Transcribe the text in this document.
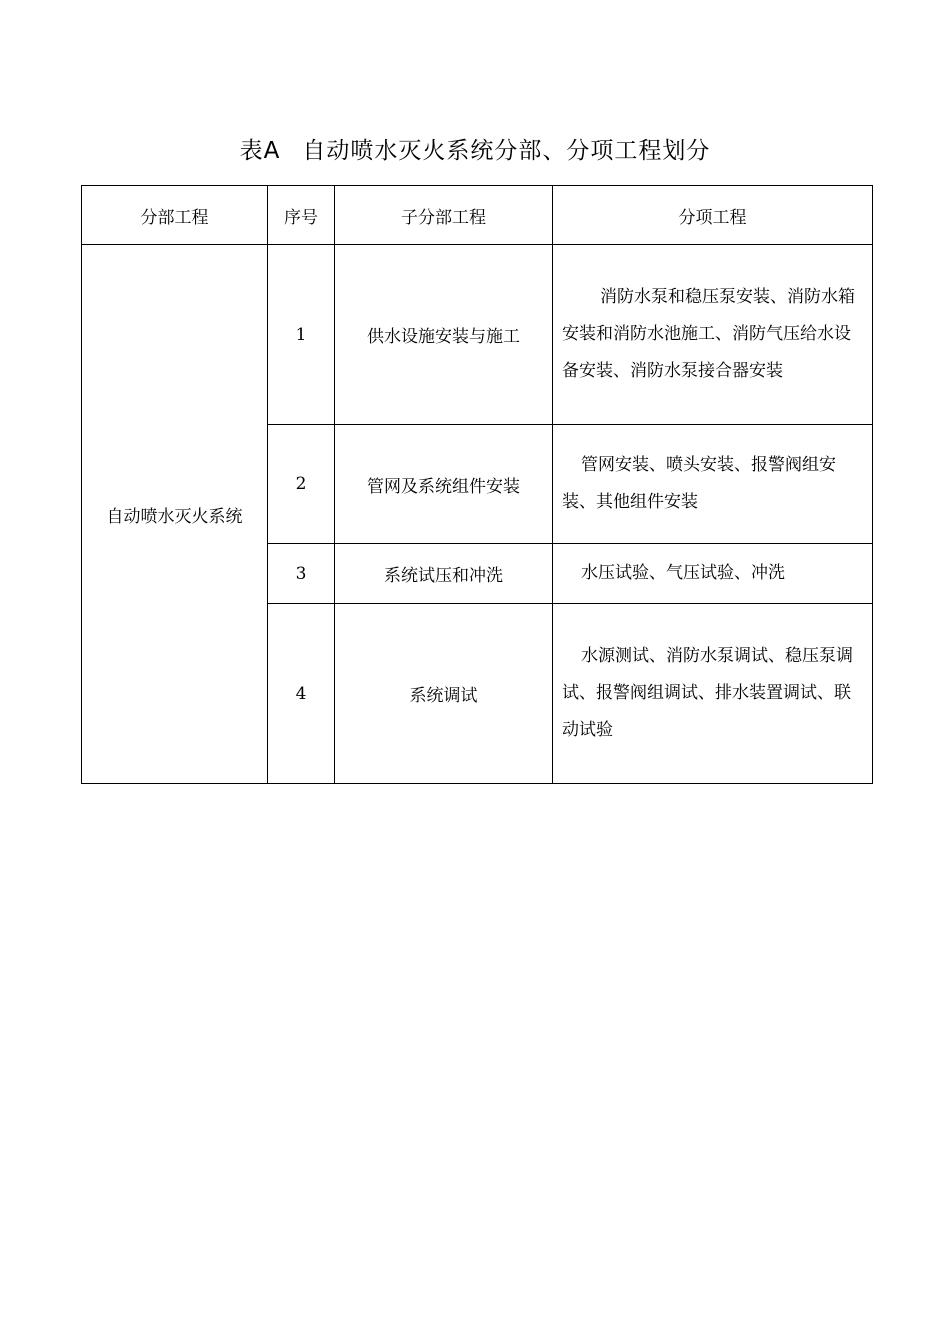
表A 自动喷水灭火系统分部、分项工程划分
分部工程	序号	子分部工程	分项工程
自动喷水灭火系统	1	供水设施安装与施工	消防水泵和稳压泵安装、消防水箱安装和消防水池施工、消防气压给水设备安装、消防水泵接合器安装
	2	管网及系统组件安装	管网安装、喷头安装、报警阀组安装、其他组件安装
	3	系统试压和冲洗	水压试验、气压试验、冲洗
	4	系统调试	水源测试、消防水泵调试、稳压泵调试、报警阀组调试、排水装置调试、联动试验
